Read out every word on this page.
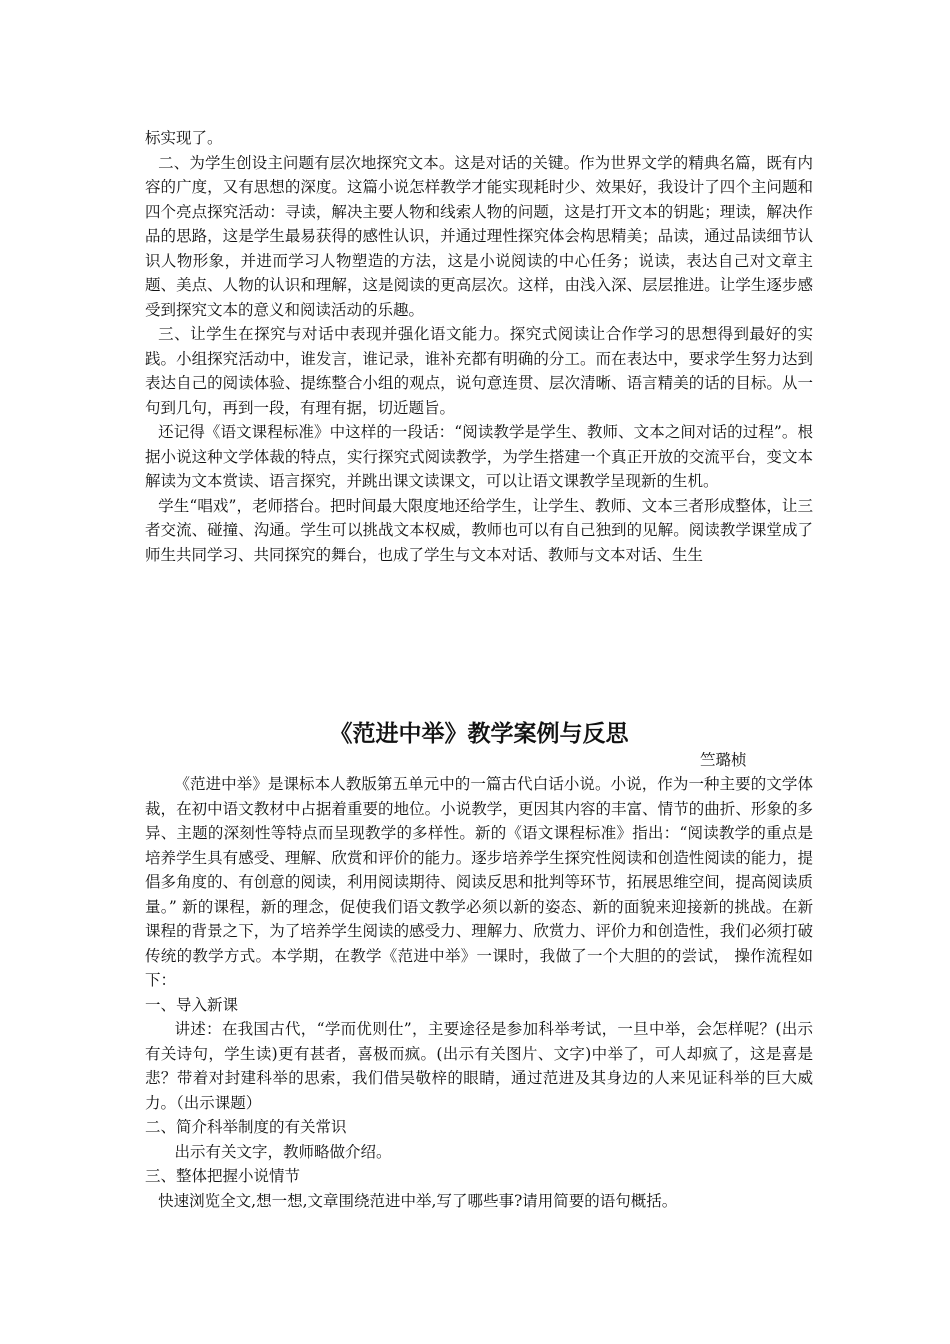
标实现了。

二、为学生创设主问题有层次地探究文本。这是对话的关键。作为世界文学的精典名篇，既有内容的广度，又有思想的深度。这篇小说怎样教学才能实现耗时少、效果好，我设计了四个主问题和四个亮点探究活动：寻读，解决主要人物和线索人物的问题，这是打开文本的钥匙；理读，解决作品的思路，这是学生最易获得的感性认识，并通过理性探究体会构思精美；品读，通过品读细节认识人物形象，并进而学习人物塑造的方法，这是小说阅读的中心任务；说读，表达自己对文章主题、美点、人物的认识和理解，这是阅读的更高层次。这样，由浅入深、层层推进。让学生逐步感受到探究文本的意义和阅读活动的乐趣。

三、让学生在探究与对话中表现并强化语文能力。探究式阅读让合作学习的思想得到最好的实践。小组探究活动中，谁发言，谁记录，谁补充都有明确的分工。而在表达中，要求学生努力达到表达自己的阅读体验、提练整合小组的观点，说句意连贯、层次清晰、语言精美的话的目标。从一句到几句，再到一段，有理有据，切近题旨。

还记得《语文课程标准》中这样的一段话：“阅读教学是学生、教师、文本之间对话的过程”。根据小说这种文学体裁的特点，实行探究式阅读教学，为学生搭建一个真正开放的交流平台，变文本解读为文本赏读、语言探究，并跳出课文读课文，可以让语文课教学呈现新的生机。

学生“唱戏”，老师搭台。把时间最大限度地还给学生，让学生、教师、文本三者形成整体，让三者交流、碰撞、沟通。学生可以挑战文本权威，教师也可以有自己独到的见解。阅读教学课堂成了师生共同学习、共同探究的舞台，也成了学生与文本对话、教师与文本对话、生生

《范进中举》教学案例与反思

竺璐桢

《范进中举》是课标本人教版第五单元中的一篇古代白话小说。小说，作为一种主要的文学体裁，在初中语文教材中占据着重要的地位。小说教学，更因其内容的丰富、情节的曲折、形象的多异、主题的深刻性等特点而呈现教学的多样性。新的《语文课程标准》指出：“阅读教学的重点是培养学生具有感受、理解、欣赏和评价的能力。逐步培养学生探究性阅读和创造性阅读的能力，提倡多角度的、有创意的阅读，利用阅读期待、阅读反思和批判等环节，拓展思维空间，提高阅读质量。” 新的课程，新的理念，促使我们语文教学必须以新的姿态、新的面貌来迎接新的挑战。在新课程的背景之下，为了培养学生阅读的感受力、理解力、欣赏力、评价力和创造性，我们必须打破传统的教学方式。本学期，在教学《范进中举》一课时，我做了一个大胆的的尝试， 操作流程如下：

一、导入新课

讲述：在我国古代，“学而优则仕”，主要途径是参加科举考试，一旦中举，会怎样呢？(出示有关诗句，学生读)更有甚者，喜极而疯。(出示有关图片、文字)中举了，可人却疯了，这是喜是悲？带着对封建科举的思索，我们借吴敬梓的眼睛，通过范进及其身边的人来见证科举的巨大威力。（出示课题）

二、简介科举制度的有关常识

出示有关文字，教师略做介绍。

三、整体把握小说情节

快速浏览全文,想一想,文章围绕范进中举,写了哪些事?请用简要的语句概括。
